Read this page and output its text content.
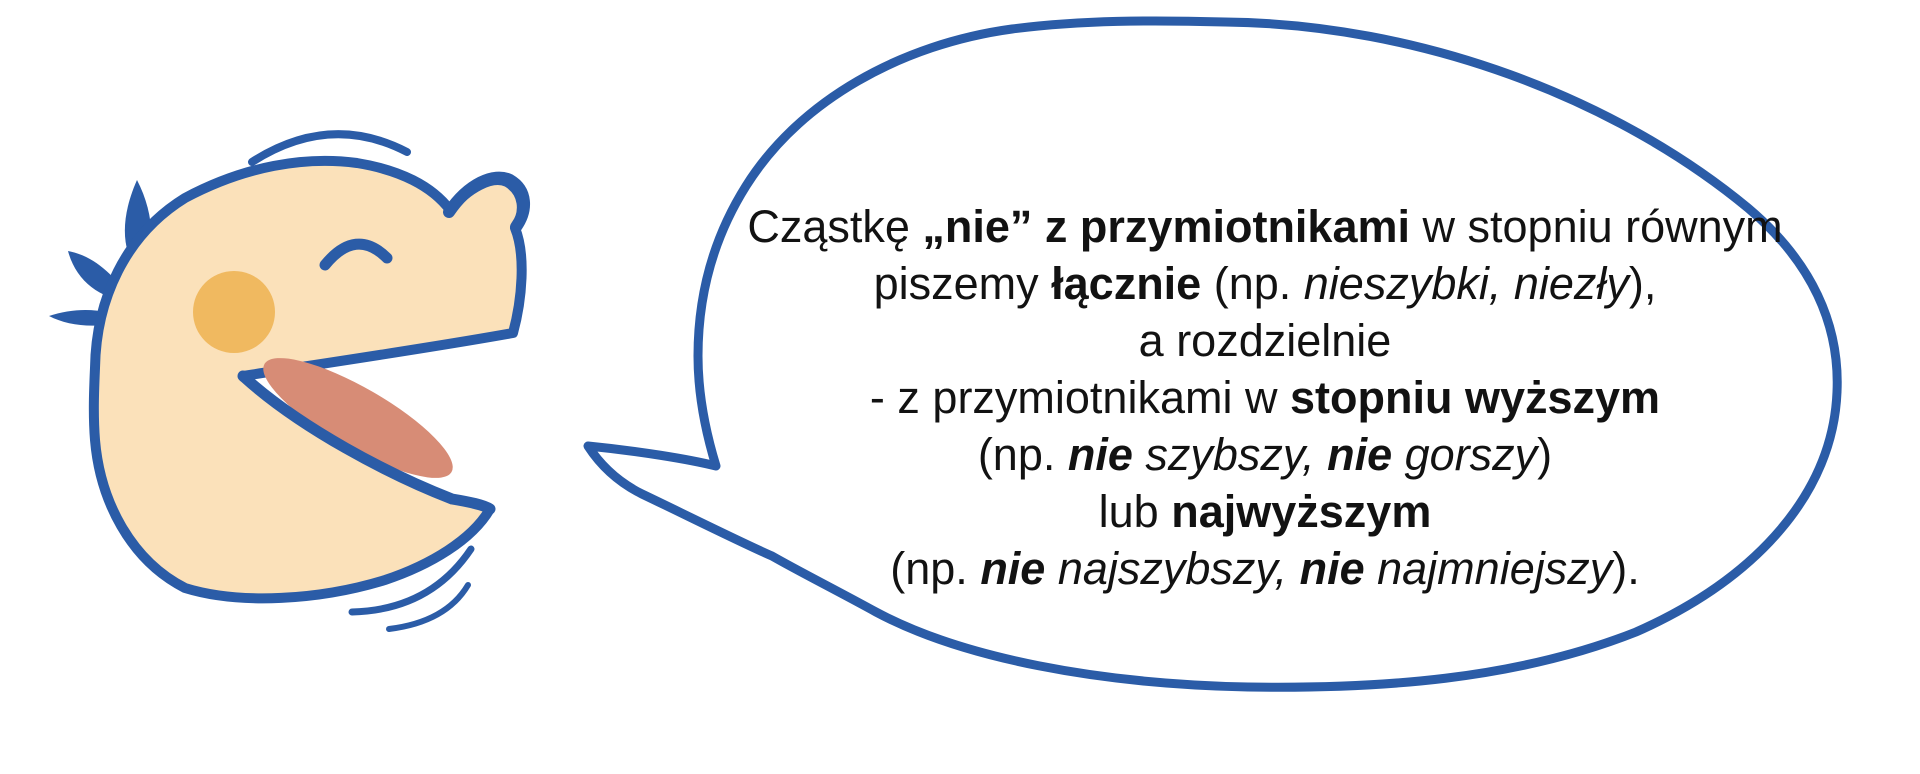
Cząstkę „nie” z przymiotnikami w stopniu równym
piszemy łącznie (np. nieszybki, niezły),
a rozdzielnie
- z przymiotnikami w stopniu wyższym
(np. nie szybszy, nie gorszy)
lub najwyższym
(np. nie najszybszy, nie najmniejszy).
